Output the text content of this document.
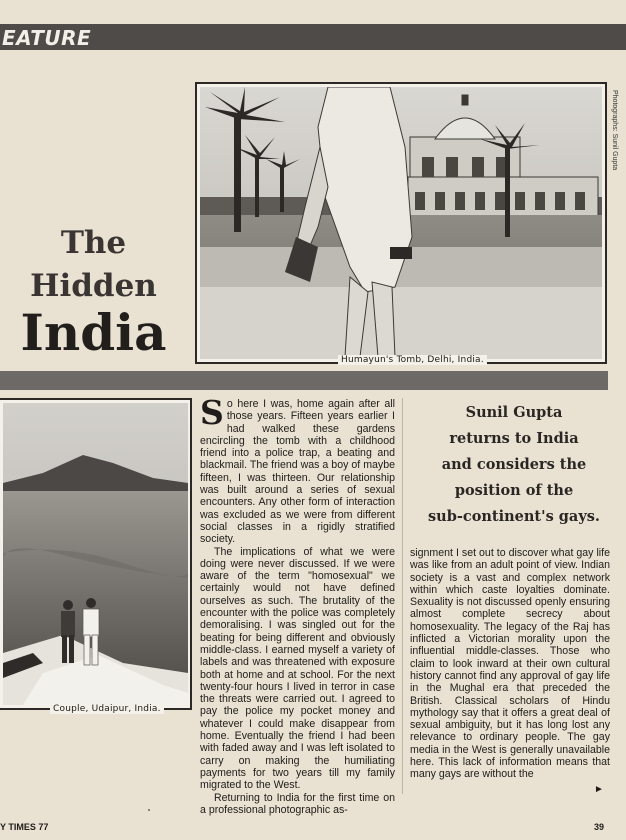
EATURE
Photographs: Sunil Gupta
The
Hidden
India	Humayun's Tomb, Delhi, India.
Couple, Udaipur, India.

So here I was, home again after all those years. Fifteen years earlier I had walked these gardens encircling the tomb with a childhood friend into a police trap, a beating and blackmail. The friend was a boy of maybe fifteen, I was thirteen. Our relationship was built around a series of sexual encounters. Any other form of interaction was excluded as we were from different social classes in a rigidly stratified society.

The implications of what we were doing were never discussed. If we were aware of the term "homosexual" we certainly would not have defined ourselves as such. The brutality of the encounter with the police was completely demoralising. I was singled out for the beating for being different and obviously middle-class. I earned myself a variety of labels and was threatened with exposure both at home and at school. For the next twenty-four hours I lived in terror in case the threats were carried out. I agreed to pay the police my pocket money and whatever I could make disappear from home. Eventually the friend I had been with faded away and I was left isolated to carry on making the humiliating payments for two years till my family migrated to the West.

Returning to India for the first time on a professional photographic as-

Sunil Gupta
returns to India
and considers the
position of the
sub-continent's gays.
signment I set out to discover what gay life was like from an adult point of view. Indian society is a vast and complex network within which caste loyalties dominate. Sexuality is not discussed openly ensuring almost complete secrecy about homosexuality. The legacy of the Raj has inflicted a Victorian morality upon the influential middle-classes. Those who claim to look inward at their own cultural history cannot find any approval of gay life in the Mughal era that preceded the British. Classical scholars of Hindu mythology say that it offers a great deal of sexual ambiguity, but it has long lost any relevance to ordinary people. The gay media in the West is generally unavailable here. This lack of information means that many gays are without the
►
Y TIMES 77	39
